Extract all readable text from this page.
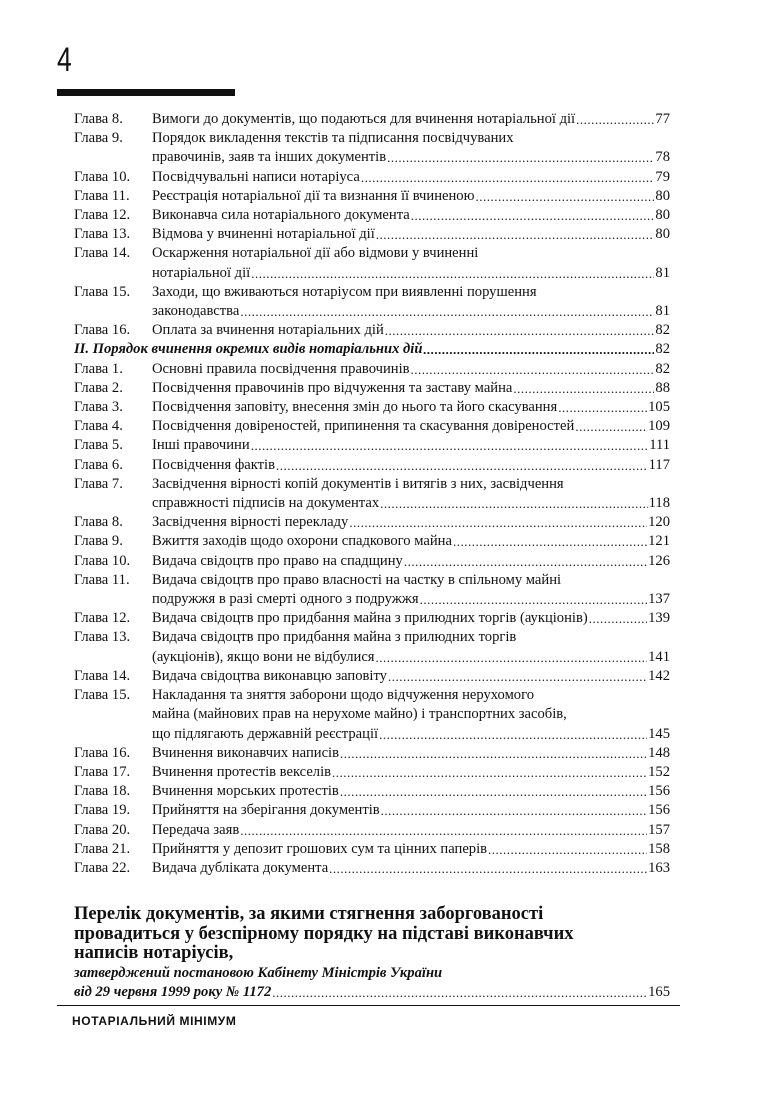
4
Глава 8.	Вимоги до документів, що подаються для вчинення нотаріальної дії .....	77
Глава 9.	Порядок викладення текстів та підписання посвідчуваних
правочинів, заяв та інших документів .....	78
Глава 10.	Посвідчувальні написи нотаріуса .....	79
Глава 11.	Реєстрація нотаріальної дії та визнання її вчиненою .....	80
Глава 12.	Виконавча сила нотаріального документа .....	80
Глава 13.	Відмова у вчиненні нотаріальної дії .....	80
Глава 14.	Оскарження нотаріальної дії або відмови у вчиненні
нотаріальної дії .....	81
Глава 15.	Заходи, що вживаються нотаріусом при виявленні порушення
законодавства .....	81
Глава 16.	Оплата за вчинення нотаріальних дій .....	82
II. Порядок вчинення окремих видів нотаріальних дій .....	82
Глава 1.	Основні правила посвідчення правочинів .....	82
Глава 2.	Посвідчення правочинів про відчуження та заставу майна .....	88
Глава 3.	Посвідчення заповіту, внесення змін до нього та його скасування .....	105
Глава 4.	Посвідчення довіреностей, припинення та скасування довіреностей .....	109
Глава 5.	Інші правочини .....	111
Глава 6.	Посвідчення фактів .....	117
Глава 7.	Засвідчення вірності копій документів і витягів з них, засвідчення
справжності підписів на документах .....	118
Глава 8.	Засвідчення вірності перекладу .....	120
Глава 9.	Вжиття заходів щодо охорони спадкового майна .....	121
Глава 10.	Видача свідоцтв про право на спадщину .....	126
Глава 11.	Видача свідоцтв про право власності на частку в спільному майні
подружжя в разі смерті одного з подружжя .....	137
Глава 12.	Видача свідоцтв про придбання майна з прилюдних торгів (аукціонів) .....	139
Глава 13.	Видача свідоцтв про придбання майна з прилюдних торгів
(аукціонів), якщо вони не відбулися .....	141
Глава 14.	Видача свідоцтва виконавцю заповіту .....	142
Глава 15.	Накладання та зняття заборони щодо відчуження нерухомого
майна (майнових прав на нерухоме майно) і транспортних засобів,
що підлягають державній реєстрації .....	145
Глава 16.	Вчинення виконавчих написів .....	148
Глава 17.	Вчинення протестів векселів .....	152
Глава 18.	Вчинення морських протестів .....	156
Глава 19.	Прийняття на зберігання документів .....	156
Глава 20.	Передача заяв .....	157
Глава 21.	Прийняття у депозит грошових сум та цінних паперів .....	158
Глава 22.	Видача дубліката документа .....	163
Перелік документів, за якими стягнення заборгованості
провадиться у безспірному порядку на підставі виконавчих
написів нотаріусів,
затверджений постановою Кабінету Міністрів України
від 29 червня 1999 року № 1172 .....	165
НОТАРІАЛЬНИЙ МІНІМУМ
